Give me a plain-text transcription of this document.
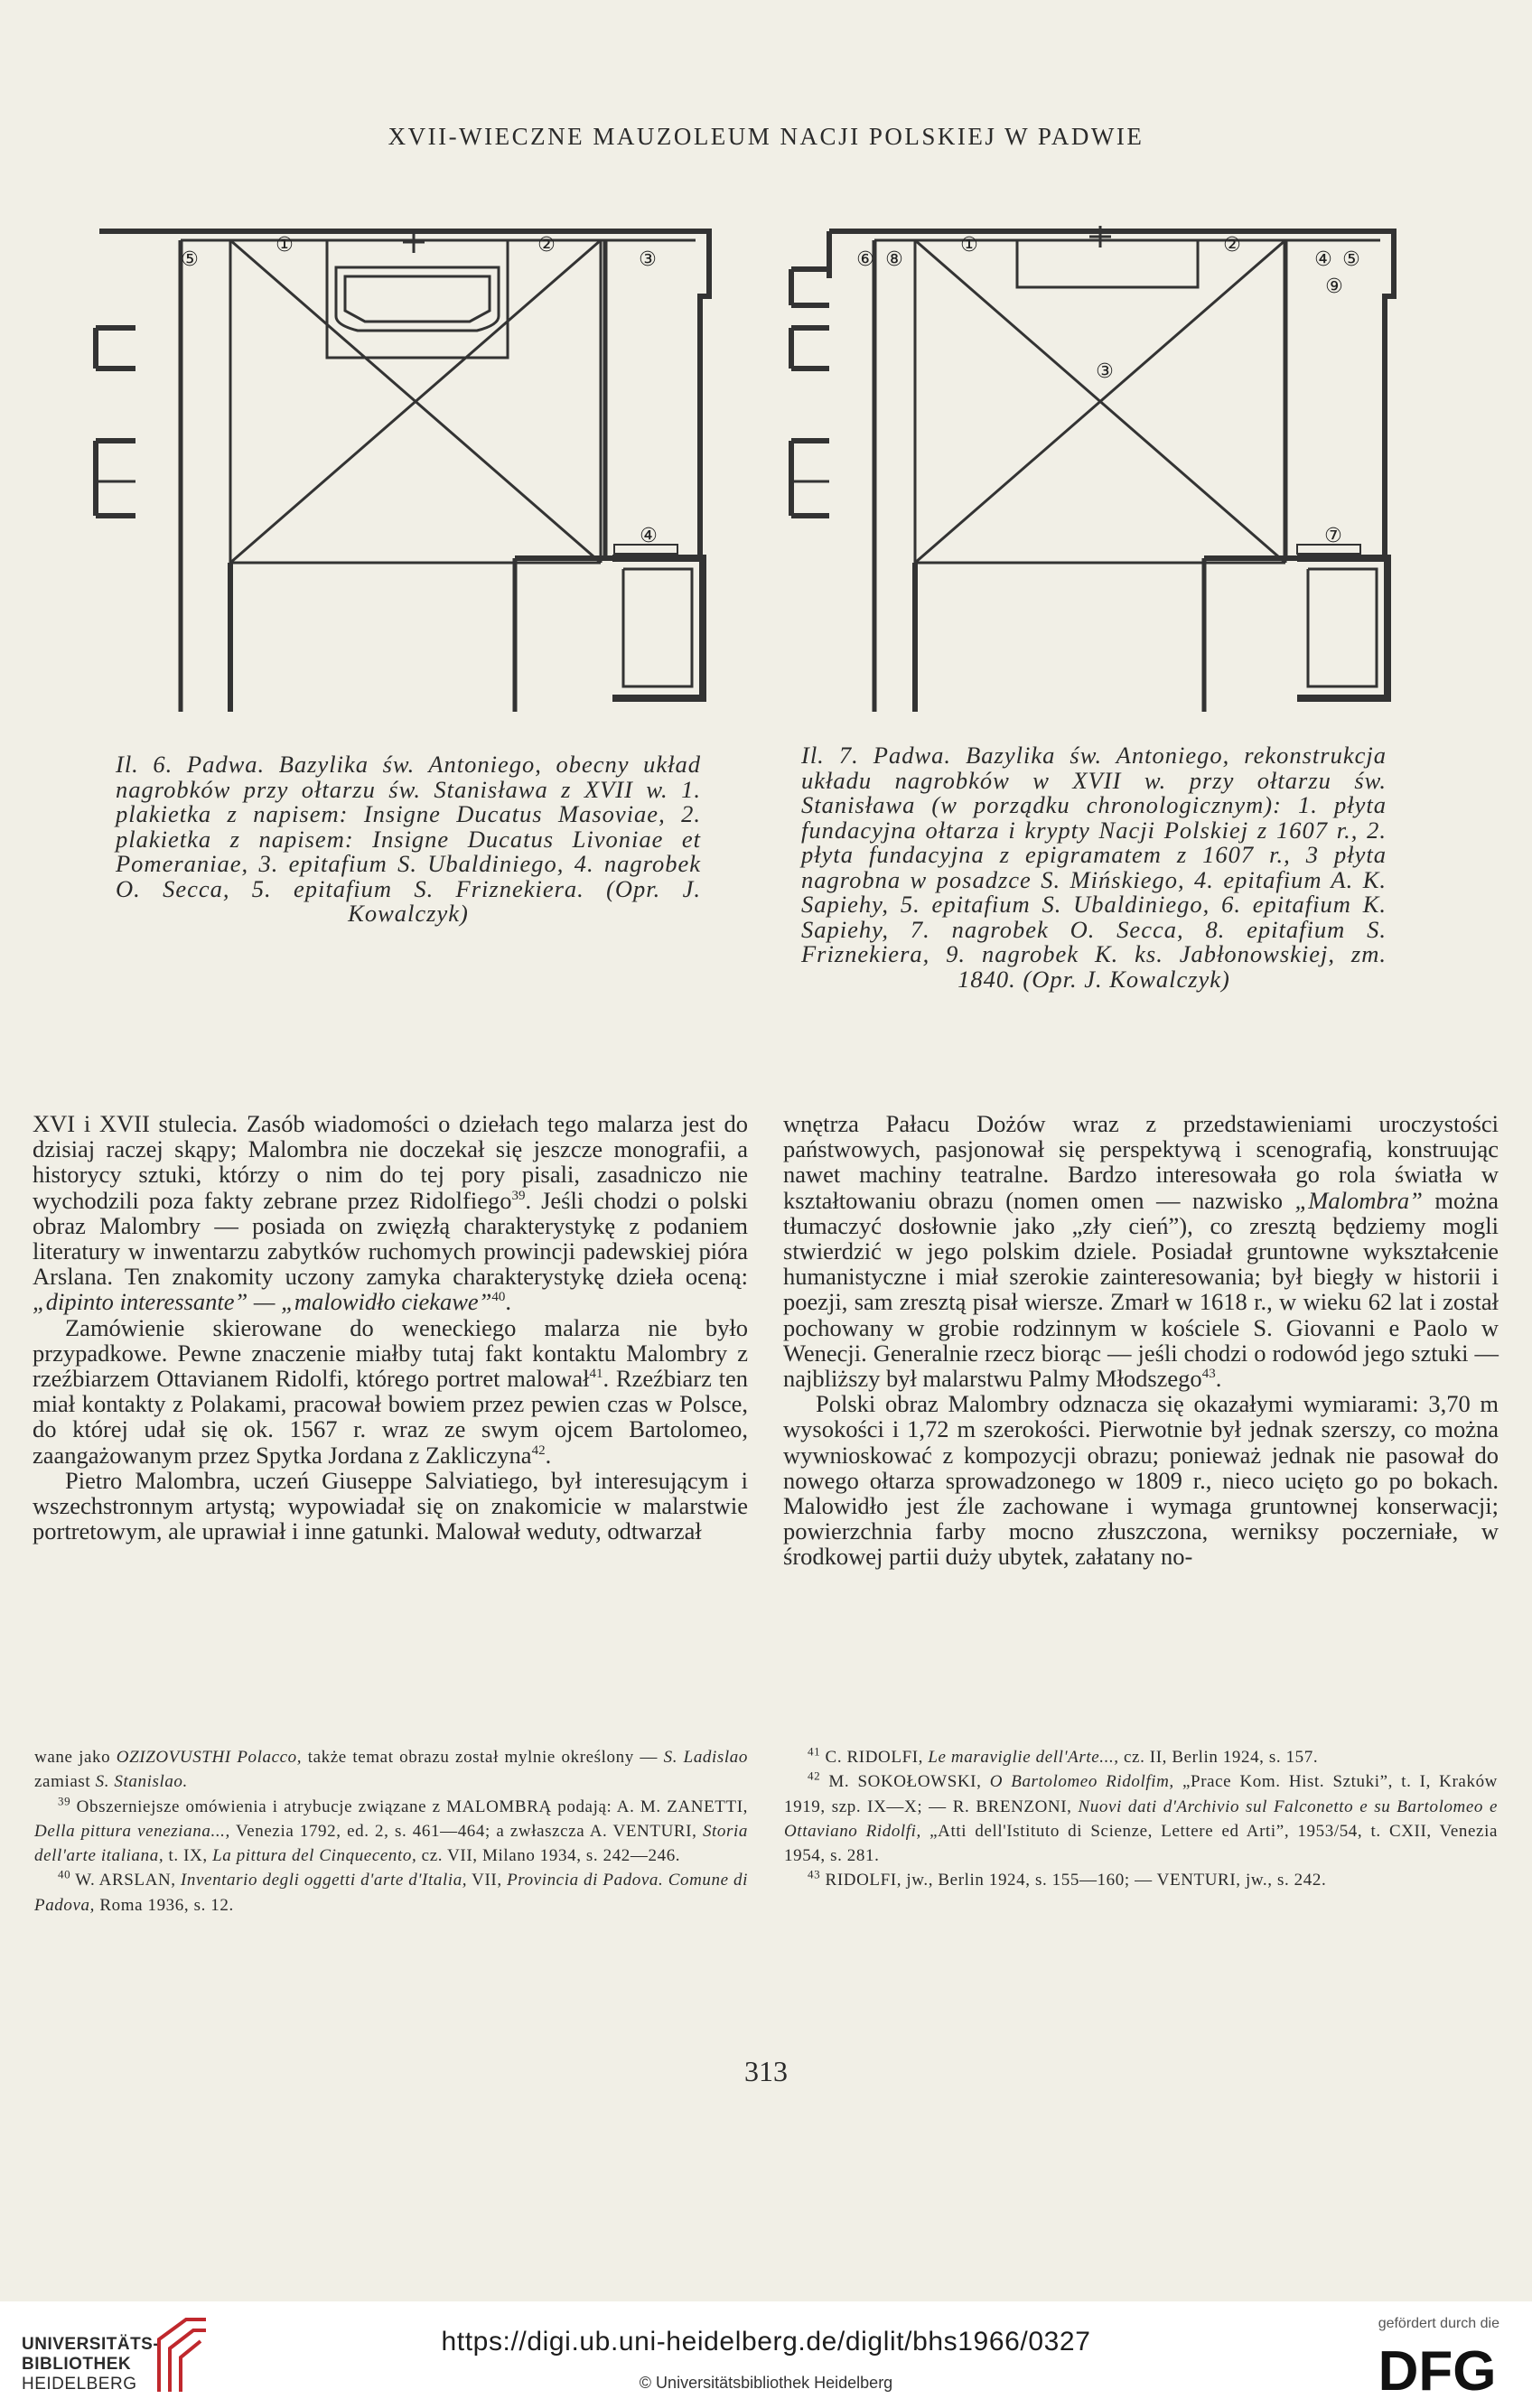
XVII-WIECZNE MAUZOLEUM NACJI POLSKIEJ W PADWIE
⑤
①	②
③
④
⑥ ⑧
①	②
④ ⑤
⑨
③
⑦
Il. 6. Padwa. Bazylika św. Antoniego, obecny układ nagrobków przy ołtarzu św. Stanisława z XVII w. 1. plakietka z napisem: Insigne Ducatus Masoviae, 2. plakietka z napisem: Insigne Ducatus Livoniae et Pomeraniae, 3. epitafium S. Ubaldiniego, 4. nagrobek O. Secca, 5. epitafium S. Friznekiera. (Opr. J. Kowalczyk)
Il. 7. Padwa. Bazylika św. Antoniego, rekonstrukcja układu nagrobków w XVII w. przy ołtarzu św. Stanisława (w porządku chronologicznym): 1. płyta fundacyjna ołtarza i krypty Nacji Polskiej z 1607 r., 2. płyta fundacyjna z epigramatem z 1607 r., 3 płyta nagrobna w posadzce S. Mińskiego, 4. epitafium A. K. Sapiehy, 5. epitafium S. Ubaldiniego, 6. epitafium K. Sapiehy, 7. nagrobek O. Secca, 8. epitafium S. Friznekiera, 9. nagrobek K. ks. Jabłonowskiej, zm. 1840. (Opr. J. Kowalczyk)

XVI i XVII stulecia. Zasób wiadomości o dziełach tego malarza jest do dzisiaj raczej skąpy; Malombra nie doczekał się jeszcze monografii, a historycy sztuki, którzy o nim do tej pory pisali, zasadniczo nie wychodzili poza fakty zebrane przez Ridolfiego$^{39}$. Jeśli chodzi o polski obraz Malombry — posiada on zwięzłą charakterystykę z podaniem literatury w inwentarzu zabytków ruchomych prowincji padewskiej pióra Arslana. Ten znakomity uczony zamyka charakterystykę dzieła oceną: „dipinto interessante” — „malowidło ciekawe”$^{40}$.

Zamówienie skierowane do weneckiego malarza nie było przypadkowe. Pewne znaczenie miałby tutaj fakt kontaktu Malombry z rzeźbiarzem Ottavianem Ridolfi, którego portret malował$^{41}$. Rzeźbiarz ten miał kontakty z Polakami, pracował bowiem przez pewien czas w Polsce, do której udał się ok. 1567 r. wraz ze swym ojcem Bartolomeo, zaangażowanym przez Spytka Jordana z Zakliczyna$^{42}$.

Pietro Malombra, uczeń Giuseppe Salviatiego, był interesującym i wszechstronnym artystą; wypowiadał się on znakomicie w malarstwie portretowym, ale uprawiał i inne gatunki. Malował weduty, odtwarzał

wnętrza Pałacu Dożów wraz z przedstawieniami uroczystości państwowych, pasjonował się perspektywą i scenografią, konstruując nawet machiny teatralne. Bardzo interesowała go rola światła w kształtowaniu obrazu (nomen omen — nazwisko „Malombra” można tłumaczyć dosłownie jako „zły cień”), co zresztą będziemy mogli stwierdzić w jego polskim dziele. Posiadał gruntowne wykształcenie humanistyczne i miał szerokie zainteresowania; był biegły w historii i poezji, sam zresztą pisał wiersze. Zmarł w 1618 r., w wieku 62 lat i został pochowany w grobie rodzinnym w kościele S. Giovanni e Paolo w Wenecji. Generalnie rzecz biorąc — jeśli chodzi o rodowód jego sztuki — najbliższy był malarstwu Palmy Młodszego$^{43}$.

Polski obraz Malombry odznacza się okazałymi wymiarami: 3,70 m wysokości i 1,72 m szerokości. Pierwotnie był jednak szerszy, co można wywnioskować z kompozycji obrazu; ponieważ jednak nie pasował do nowego ołtarza sprowadzonego w 1809 r., nieco ucięto go po bokach. Malowidło jest źle zachowane i wymaga gruntownej konserwacji; powierzchnia farby mocno złuszczona, werniksy poczerniałe, w środkowej partii duży ubytek, załatany no-

wane jako OZIZOVUSTHI Polacco, także temat obrazu został mylnie określony — S. Ladislao zamiast S. Stanislao.

$^{39}$ Obszerniejsze omówienia i atrybucje związane z MALOMBRĄ podają: A. M. ZANETTI, Della pittura veneziana..., Venezia 1792, ed. 2, s. 461—464; a zwłaszcza A. VENTURI, Storia dell'arte italiana, t. IX, La pittura del Cinquecento, cz. VII, Milano 1934, s. 242—246.

$^{40}$ W. ARSLAN, Inventario degli oggetti d'arte d'Italia, VII, Provincia di Padova. Comune di Padova, Roma 1936, s. 12.

$^{41}$ C. RIDOLFI, Le maraviglie dell'Arte..., cz. II, Berlin 1924, s. 157.

$^{42}$ M. SOKOŁOWSKI, O Bartolomeo Ridolfim, „Prace Kom. Hist. Sztuki”, t. I, Kraków 1919, szp. IX—X; — R. BRENZONI, Nuovi dati d'Archivio sul Falconetto e su Bartolomeo e Ottaviano Ridolfi, „Atti dell'Istituto di Scienze, Lettere ed Arti”, 1953/54, t. CXII, Venezia 1954, s. 281.

$^{43}$ RIDOLFI, jw., Berlin 1924, s. 155—160; — VENTURI, jw., s. 242.

313
UNIVERSITÄTS-
BIBLIOTHEK
HEIDELBERG
https://digi.ub.uni-heidelberg.de/diglit/bhs1966/0327
© Universitätsbibliothek Heidelberg
gefördert durch die
DFG
